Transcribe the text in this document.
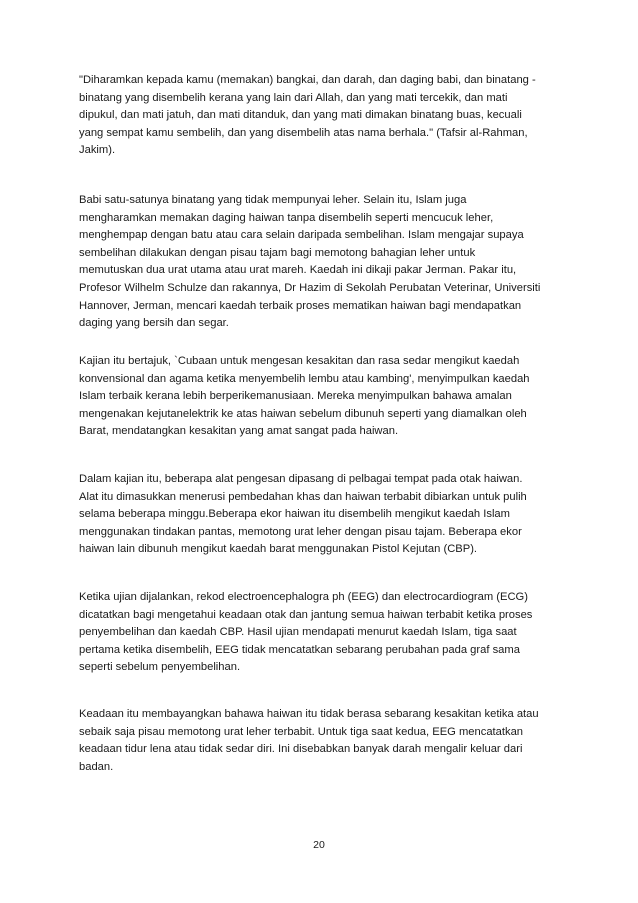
"Diharamkan kepada kamu (memakan) bangkai, dan darah, dan daging babi, dan binatang -
binatang yang disembelih kerana yang lain dari Allah, dan yang mati tercekik, dan mati
dipukul, dan mati jatuh, dan mati ditanduk, dan yang mati dimakan binatang buas, kecuali
yang sempat kamu sembelih, dan yang disembelih atas nama berhala." (Tafsir al-Rahman,
Jakim).

Babi satu-satunya binatang yang tidak mempunyai leher. Selain itu, Islam juga
mengharamkan memakan daging haiwan tanpa disembelih seperti mencucuk leher,
menghempap dengan batu atau cara selain daripada sembelihan. Islam mengajar supaya
sembelihan dilakukan dengan pisau tajam bagi memotong bahagian leher untuk
memutuskan dua urat utama atau urat mareh. Kaedah ini dikaji pakar Jerman. Pakar itu,
Profesor Wilhelm Schulze dan rakannya, Dr Hazim di Sekolah Perubatan Veterinar, Universiti
Hannover, Jerman, mencari kaedah terbaik proses mematikan haiwan bagi mendapatkan
daging yang bersih dan segar.

Kajian itu bertajuk, `Cubaan untuk mengesan kesakitan dan rasa sedar mengikut kaedah
konvensional dan agama ketika menyembelih lembu atau kambing', menyimpulkan kaedah
Islam terbaik kerana lebih berperikemanusiaan. Mereka menyimpulkan bahawa amalan
mengenakan kejutanelektrik ke atas haiwan sebelum dibunuh seperti yang diamalkan oleh
Barat, mendatangkan kesakitan yang amat sangat pada haiwan.

Dalam kajian itu, beberapa alat pengesan dipasang di pelbagai tempat pada otak haiwan.
Alat itu dimasukkan menerusi pembedahan khas dan haiwan terbabit dibiarkan untuk pulih
selama beberapa minggu.Beberapa ekor haiwan itu disembelih mengikut kaedah Islam
menggunakan tindakan pantas, memotong urat leher dengan pisau tajam. Beberapa ekor
haiwan lain dibunuh mengikut kaedah barat menggunakan Pistol Kejutan (CBP).

Ketika ujian dijalankan, rekod electroencephalogra ph (EEG) dan electrocardiogram (ECG)
dicatatkan bagi mengetahui keadaan otak dan jantung semua haiwan terbabit ketika proses
penyembelihan dan kaedah CBP. Hasil ujian mendapati menurut kaedah Islam, tiga saat
pertama ketika disembelih, EEG tidak mencatatkan sebarang perubahan pada graf sama
seperti sebelum penyembelihan.

Keadaan itu membayangkan bahawa haiwan itu tidak berasa sebarang kesakitan ketika atau
sebaik saja pisau memotong urat leher terbabit. Untuk tiga saat kedua, EEG mencatatkan
keadaan tidur lena atau tidak sedar diri. Ini disebabkan banyak darah mengalir keluar dari
badan.

20
